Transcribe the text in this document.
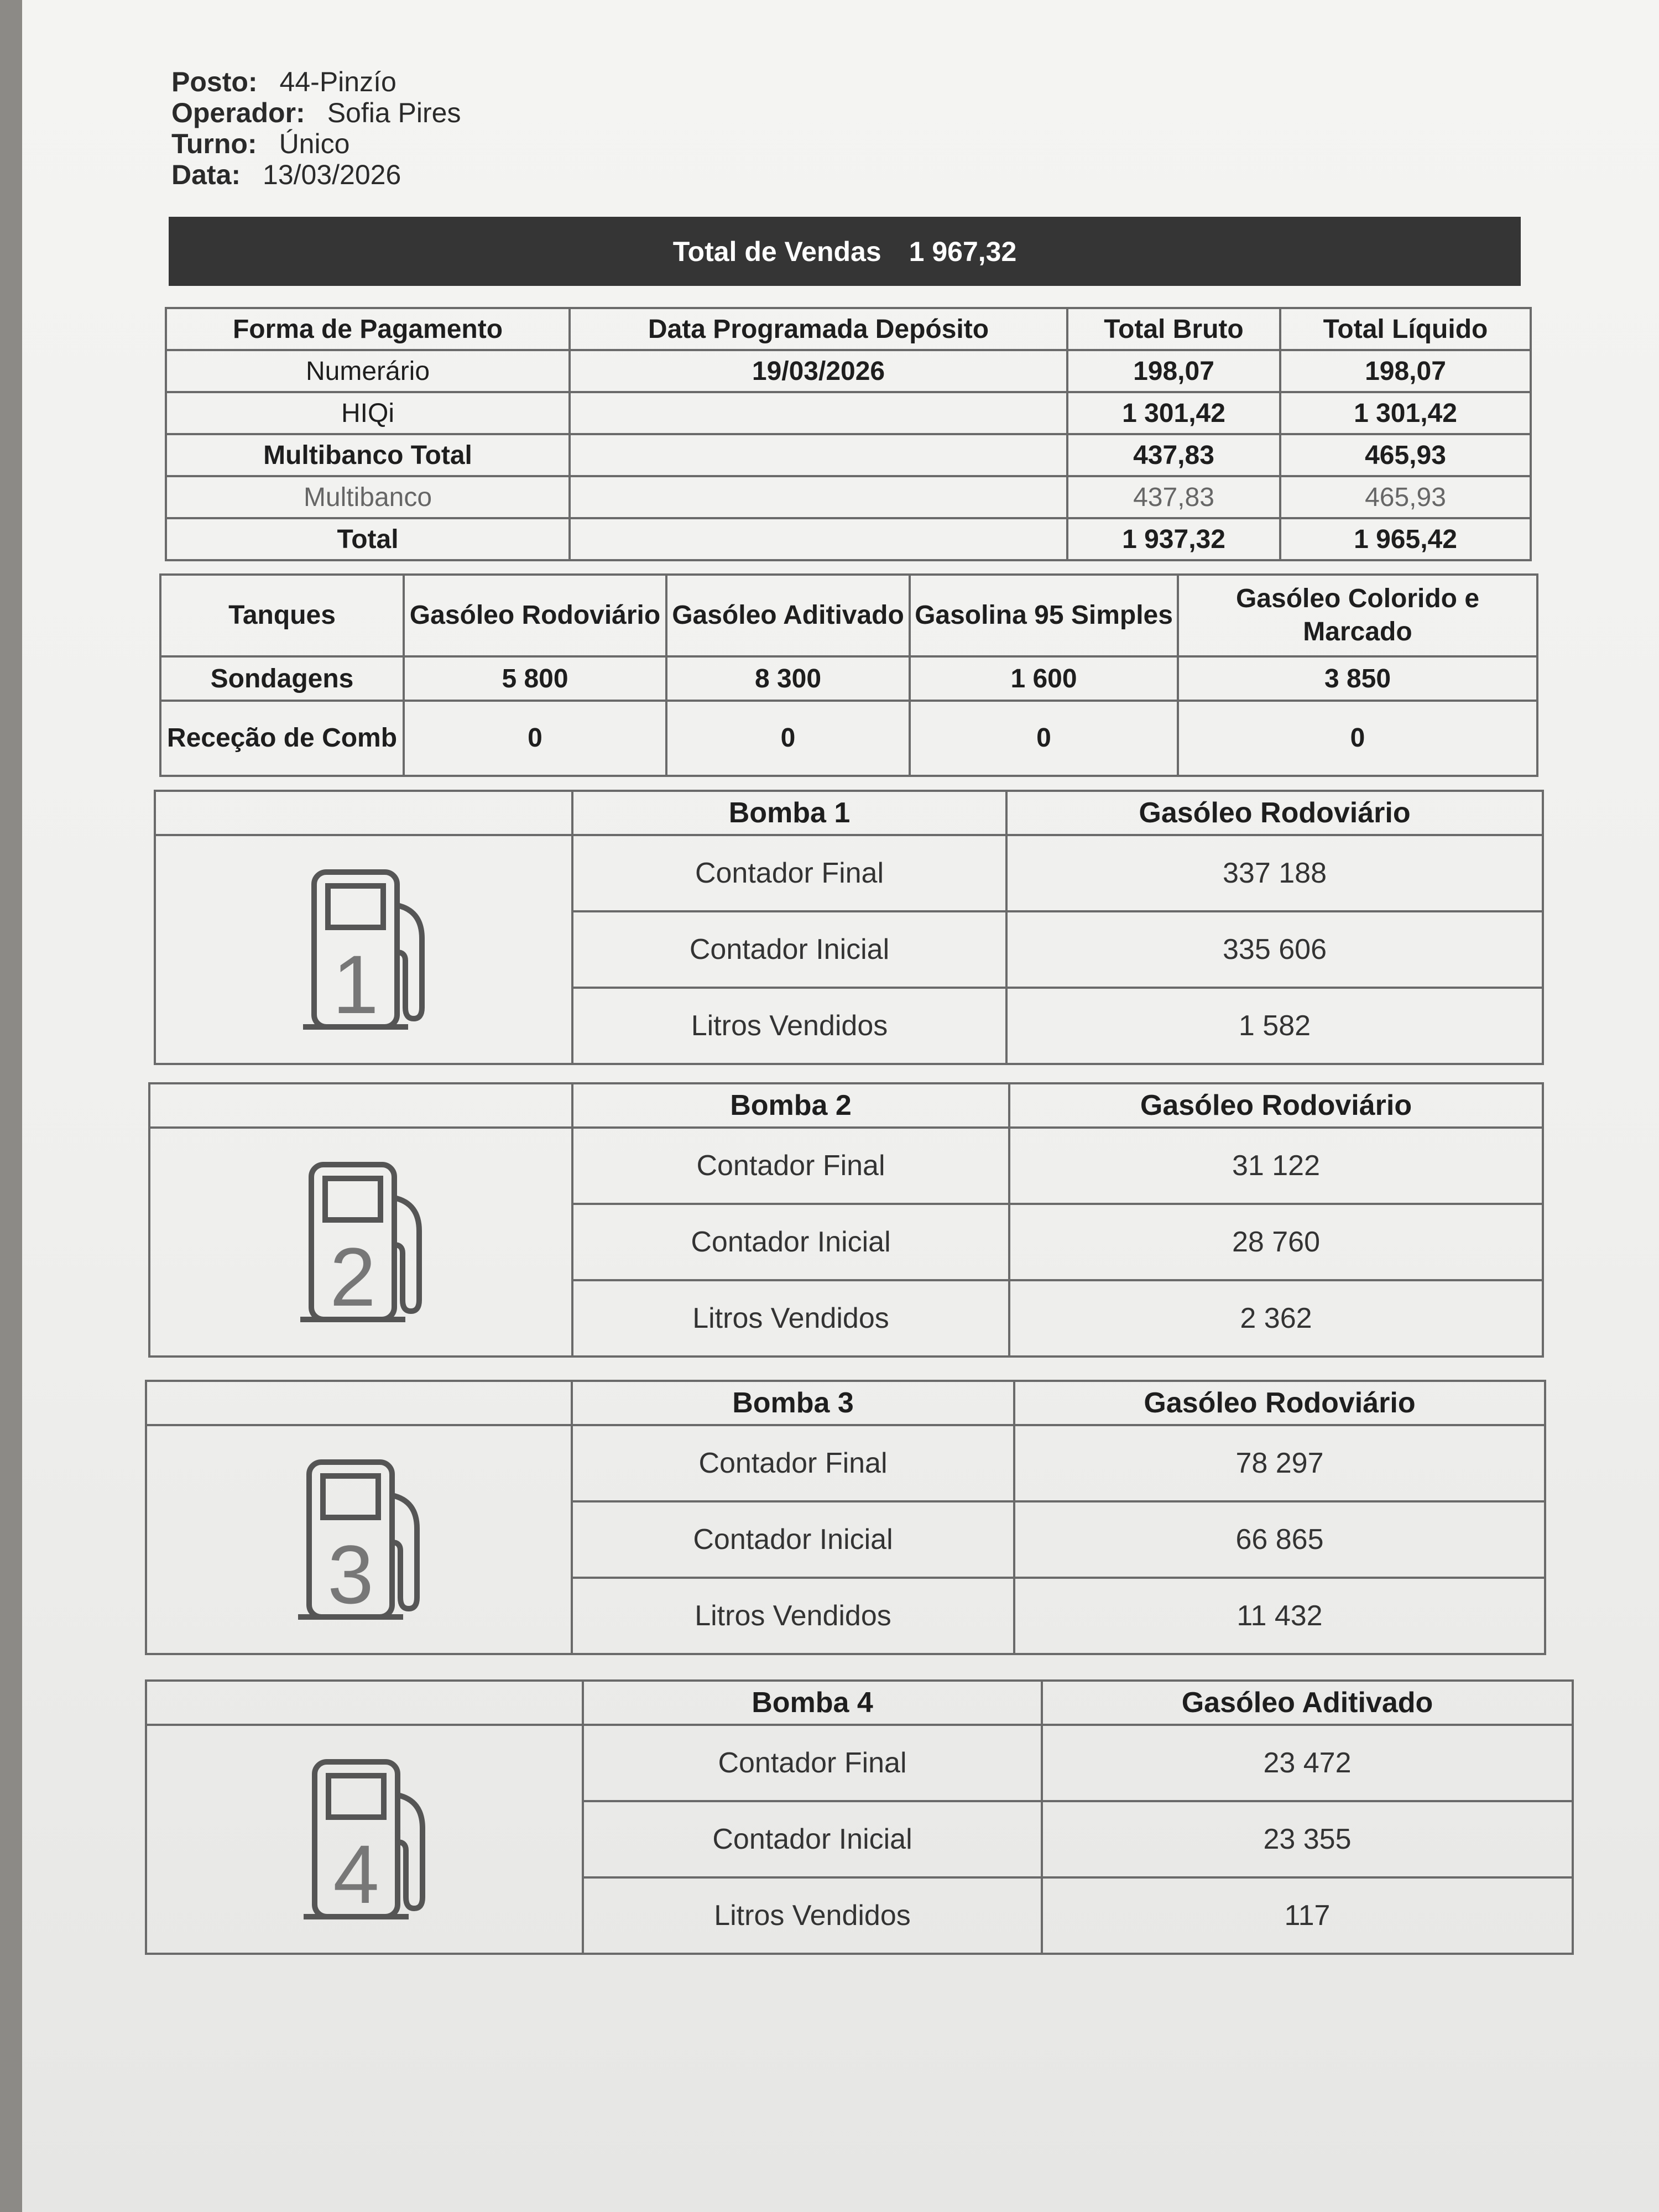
Posto: 44-Pinzío
Operador: Sofia Pires
Turno: Único
Data: 13/03/2026
Total de Vendas 1 967,32
Forma de Pagamento	Data Programada Depósito	Total Bruto	Total Líquido
Numerário	19/03/2026	198,07	198,07
HIQi		1 301,42	1 301,42
Multibanco Total		437,83	465,93
Multibanco		437,83	465,93
Total		1 937,32	1 965,42
Tanques	Gasóleo Rodoviário	Gasóleo Aditivado	Gasolina 95 Simples	Gasóleo Colorido e Marcado
Sondagens	5 800	8 300	1 600	3 850
Receção de Comb	0	0	0	0
	Bomba 1	Gasóleo Rodoviário

1	Contador Final	337 188
	Contador Inicial	335 606
	Litros Vendidos	1 582
	Bomba 2	Gasóleo Rodoviário

2	Contador Final	31 122
	Contador Inicial	28 760
	Litros Vendidos	2 362
	Bomba 3	Gasóleo Rodoviário

3	Contador Final	78 297
	Contador Inicial	66 865
	Litros Vendidos	11 432
	Bomba 4	Gasóleo Aditivado

4	Contador Final	23 472
	Contador Inicial	23 355
	Litros Vendidos	117
